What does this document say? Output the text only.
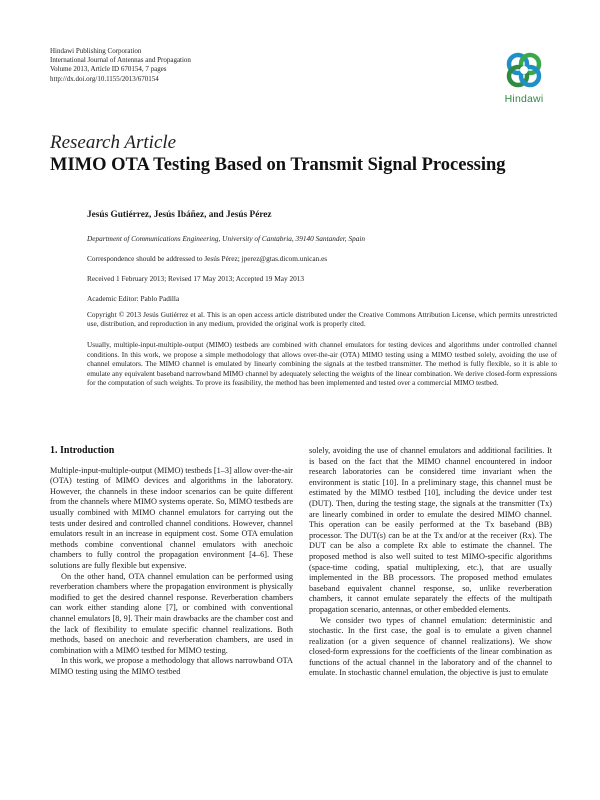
Hindawi Publishing Corporation
International Journal of Antennas and Propagation
Volume 2013, Article ID 670154, 7 pages
http://dx.doi.org/10.1155/2013/670154
Hindawi
Research Article
MIMO OTA Testing Based on Transmit Signal Processing
Jesús Gutiérrez, Jesús Ibáñez, and Jesús Pérez
Department of Communications Engineering, University of Cantabria, 39140 Santander, Spain
Correspondence should be addressed to Jesús Pérez; jperez@gtas.dicom.unican.es
Received 1 February 2013; Revised 17 May 2013; Accepted 19 May 2013
Academic Editor: Pablo Padilla
Copyright © 2013 Jesús Gutiérrez et al. This is an open access article distributed under the Creative Commons Attribution License, which permits unrestricted use, distribution, and reproduction in any medium, provided the original work is properly cited.
Usually, multiple-input-multiple-output (MIMO) testbeds are combined with channel emulators for testing devices and algorithms under controlled channel conditions. In this work, we propose a simple methodology that allows over-the-air (OTA) MIMO testing using a MIMO testbed solely, avoiding the use of channel emulators. The MIMO channel is emulated by linearly combining the signals at the testbed transmitter. The method is fully flexible, so it is able to emulate any equivalent baseband narrowband MIMO channel by adequately selecting the weights of the linear combination. We derive closed-form expressions for the computation of such weights. To prove its feasibility, the method has been implemented and tested over a commercial MIMO testbed.
1. Introduction

Multiple-input-multiple-output (MIMO) testbeds [1–3] allow over-the-air (OTA) testing of MIMO devices and algorithms in the laboratory. However, the channels in these indoor scenarios can be quite different from the channels where MIMO systems operate. So, MIMO testbeds are usually combined with MIMO channel emulators for carrying out the tests under desired and controlled channel conditions. However, channel emulators result in an increase in equipment cost. Some OTA emulation methods combine conventional channel emulators with anechoic chambers to fully control the propagation environment [4–6]. These solutions are fully flexible but expensive.

On the other hand, OTA channel emulation can be performed using reverberation chambers where the propagation environment is physically modified to get the desired channel response. Reverberation chambers can work either standing alone [7], or combined with conventional channel emulators [8, 9]. Their main drawbacks are the chamber cost and the lack of flexibility to emulate specific channel realizations. Both methods, based on anechoic and reverberation chambers, are used in combination with a MIMO testbed for MIMO testing.

In this work, we propose a methodology that allows narrowband OTA MIMO testing using the MIMO testbed

solely, avoiding the use of channel emulators and additional facilities. It is based on the fact that the MIMO channel encountered in indoor research laboratories can be considered time invariant when the environment is static [10]. In a preliminary stage, this channel must be estimated by the MIMO testbed [10], including the device under test (DUT). Then, during the testing stage, the signals at the transmitter (Tx) are linearly combined in order to emulate the desired MIMO channel. This operation can be easily performed at the Tx baseband (BB) processor. The DUT(s) can be at the Tx and/or at the receiver (Rx). The DUT can be also a complete Rx able to estimate the channel. The proposed method is also well suited to test MIMO-specific algorithms (space-time coding, spatial multiplexing, etc.), that are usually implemented in the BB processors. The proposed method emulates baseband equivalent channel response, so, unlike reverberation chambers, it cannot emulate separately the effects of the multipath propagation scenario, antennas, or other embedded elements.

We consider two types of channel emulation: deterministic and stochastic. In the first case, the goal is to emulate a given channel realization (or a given sequence of channel realizations). We show closed-form expressions for the coefficients of the linear combination as functions of the actual channel in the laboratory and of the channel to emulate. In stochastic channel emulation, the objective is just to emulate
